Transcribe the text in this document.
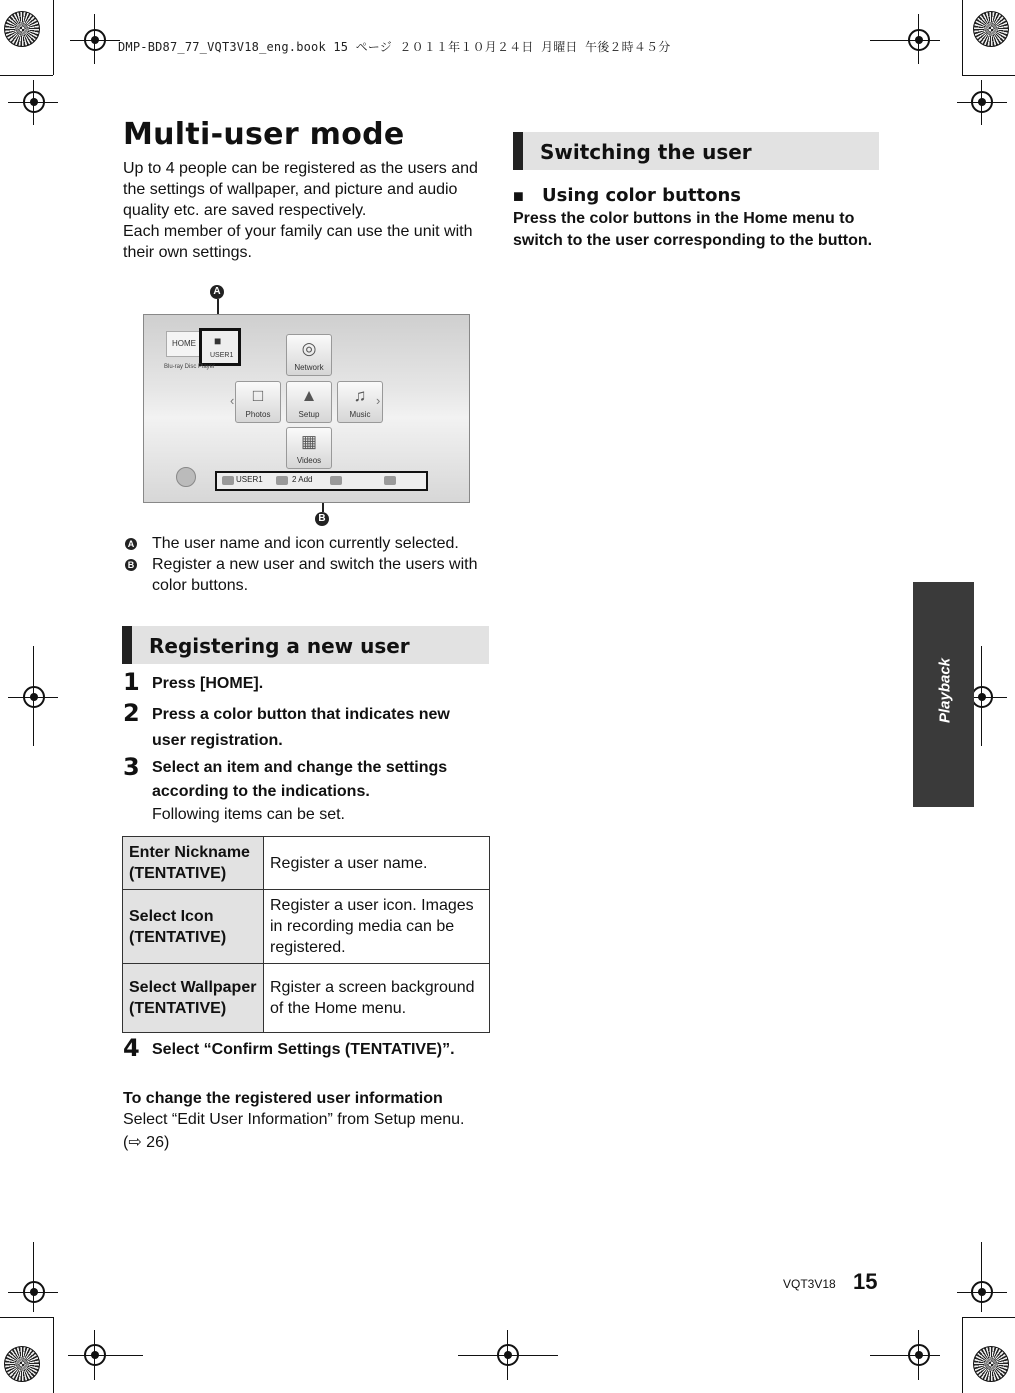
DMP-BD87_77_VQT3V18_eng.book 15 ページ ２０１１年１０月２４日 月曜日 午後２時４５分
Multi-user mode

Up to 4 people can be registered as the users and the settings of wallpaper, and picture and audio quality etc. are saved respectively.

Each member of your family can use the unit with their own settings.

A
B
HOME	■
USER1
Blu-ray Disc Player
◎
Network
□
Photos
▲
Setup
♫
Music
▦
Videos
‹	›
USER1	2 Add
A The user name and icon currently selected.
B Register a new user and switch the users with color buttons.
Registering a new user
1 Press [HOME].
2 Press a color button that indicates new user registration.
3 Select an item and change the settings according to the indications.
Following items can be set.
Enter Nickname (TENTATIVE)	Register a user name.
Select Icon (TENTATIVE)	Register a user icon. Images in recording media can be registered.
Select Wallpaper (TENTATIVE)	Rgister a screen background of the Home menu.
4 Select “Confirm Settings (TENTATIVE)”.
To change the registered user information
Select “Edit User Information” from Setup menu.
(⇨ 26)
Switching the user
■ Using color buttons
Press the color buttons in the Home menu to switch to the user corresponding to the button.
Playback
VQT3V18 15
